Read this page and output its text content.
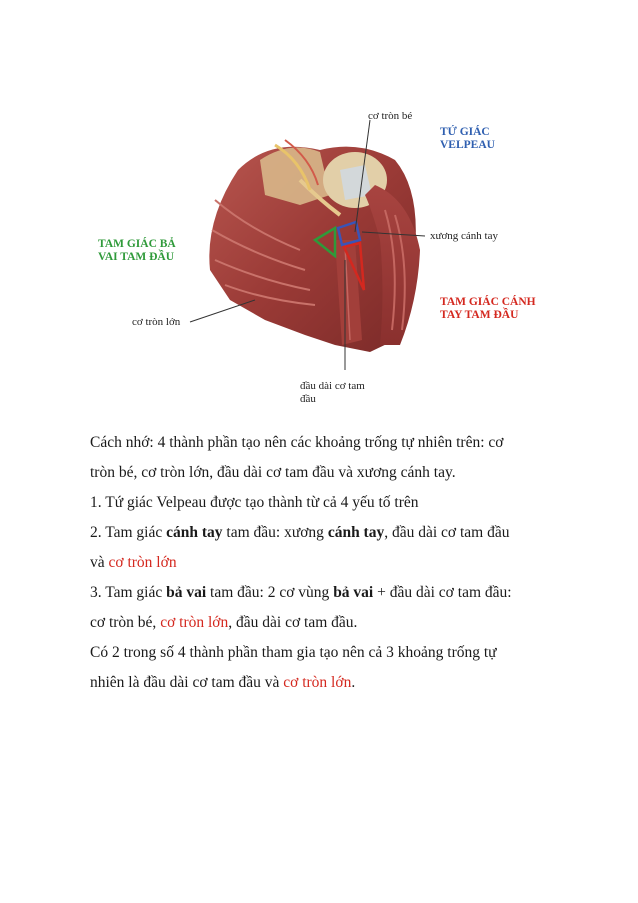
cơ tròn bé
TỨ GIÁC
VELPEAU
TAM GIÁC BẢ
VAI TAM ĐẦU
xương cánh tay
TAM GIÁC CÁNH
TAY TAM ĐẦU
cơ tròn lớn
đầu dài cơ tam
đầu

Cách nhớ: 4 thành phần tạo nên các khoảng trống tự nhiên trên: cơ
tròn bé, cơ tròn lớn, đầu dài cơ tam đầu và xương cánh tay.

1. Tứ giác Velpeau được tạo thành từ cả 4 yếu tố trên

2. Tam giác cánh tay tam đầu: xương cánh tay, đầu dài cơ tam đầu
và cơ tròn lớn

3. Tam giác bả vai tam đầu: 2 cơ vùng bả vai + đầu dài cơ tam đầu:
cơ tròn bé, cơ tròn lớn, đầu dài cơ tam đầu.

Có 2 trong số 4 thành phần tham gia tạo nên cả 3 khoảng trống tự
nhiên là đầu dài cơ tam đầu và cơ tròn lớn.
